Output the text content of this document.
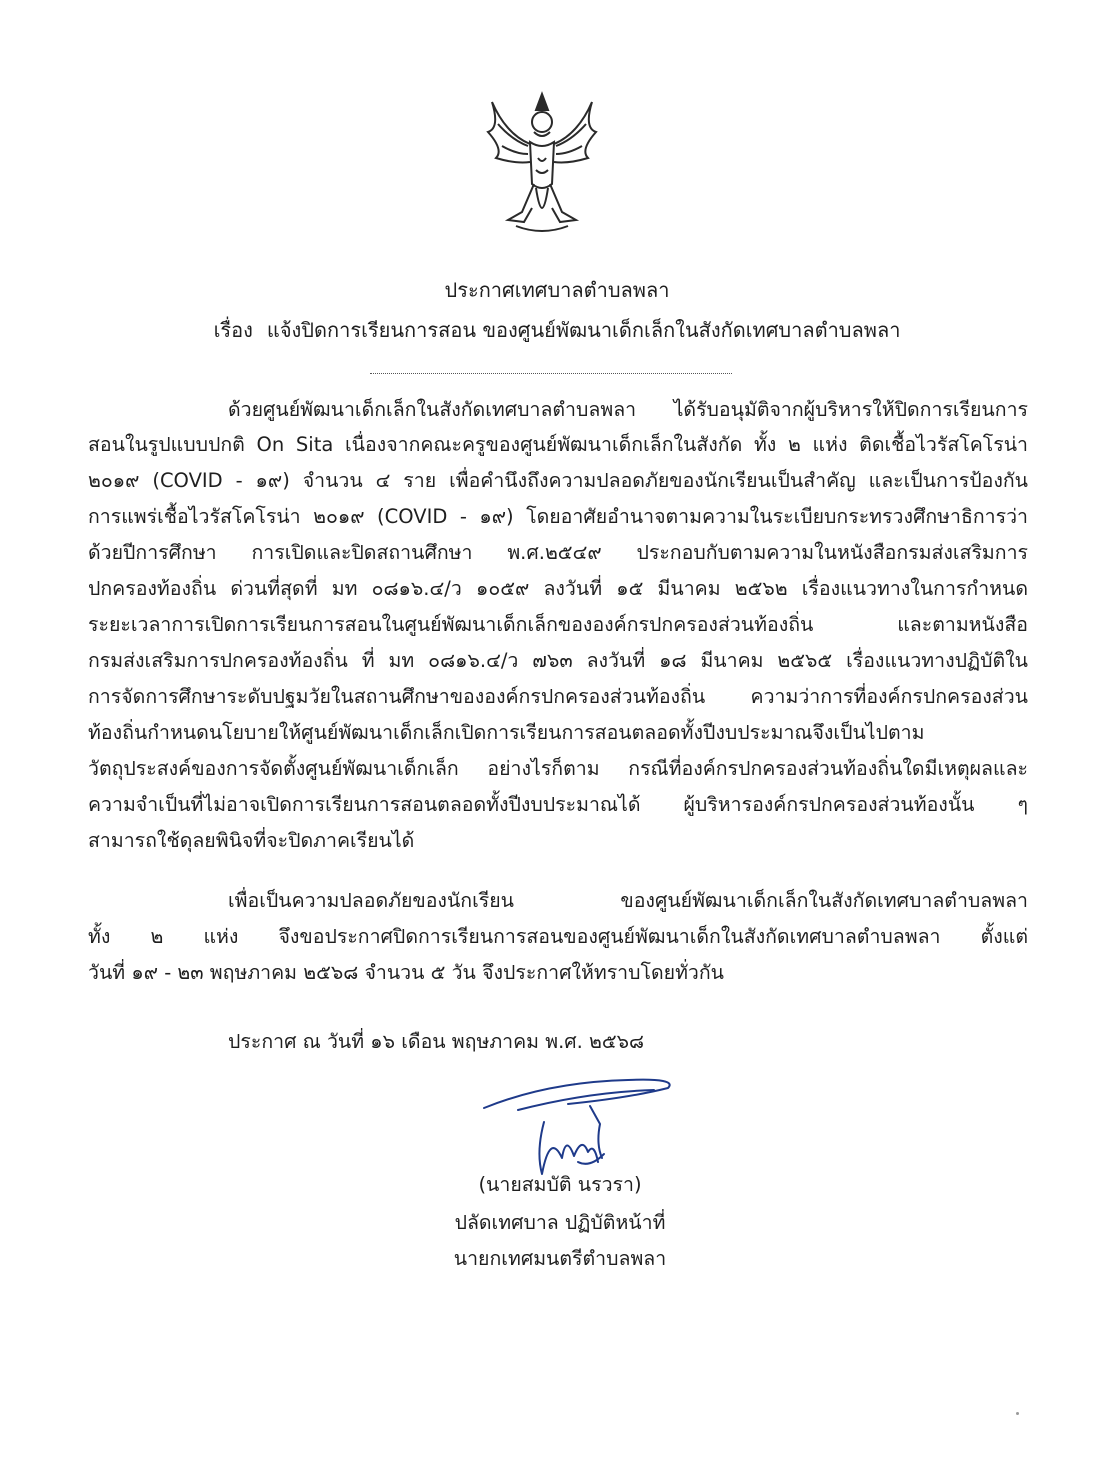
ประกาศเทศบาลตำบลพลา
เรื่อง แจ้งปิดการเรียนการสอน ของศูนย์พัฒนาเด็กเล็กในสังกัดเทศบาลตำบลพลา
ด้วยศูนย์พัฒนาเด็กเล็กในสังกัดเทศบาลตำบลพลา ได้รับอนุมัติจากผู้บริหารให้ปิดการเรียนการ
สอนในรูปแบบปกติ On Sita เนื่องจากคณะครูของศูนย์พัฒนาเด็กเล็กในสังกัด ทั้ง ๒ แห่ง ติดเชื้อไวรัสโคโรน่า
๒๐๑๙ (COVID - ๑๙) จำนวน ๔ ราย เพื่อคำนึงถึงความปลอดภัยของนักเรียนเป็นสำคัญ และเป็นการป้องกัน
การแพร่เชื้อไวรัสโคโรน่า ๒๐๑๙ (COVID - ๑๙) โดยอาศัยอำนาจตามความในระเบียบกระทรวงศึกษาธิการว่า
ด้วยปีการศึกษา การเปิดและปิดสถานศึกษา พ.ศ.๒๕๔๙ ประกอบกับตามความในหนังสือกรมส่งเสริมการ
ปกครองท้องถิ่น ด่วนที่สุดที่ มท ๐๘๑๖.๔/ว ๑๐๕๙ ลงวันที่ ๑๕ มีนาคม ๒๕๖๒ เรื่องแนวทางในการกำหนด
ระยะเวลาการเปิดการเรียนการสอนในศูนย์พัฒนาเด็กเล็กขององค์กรปกครองส่วนท้องถิ่น และตามหนังสือ
กรมส่งเสริมการปกครองท้องถิ่น ที่ มท ๐๘๑๖.๔/ว ๗๖๓ ลงวันที่ ๑๘ มีนาคม ๒๕๖๕ เรื่องแนวทางปฏิบัติใน
การจัดการศึกษาระดับปฐมวัยในสถานศึกษาขององค์กรปกครองส่วนท้องถิ่น ความว่าการที่องค์กรปกครองส่วน
ท้องถิ่นกำหนดนโยบายให้ศูนย์พัฒนาเด็กเล็กเปิดการเรียนการสอนตลอดทั้งปีงบประมาณจึงเป็นไปตาม
วัตถุประสงค์ของการจัดตั้งศูนย์พัฒนาเด็กเล็ก อย่างไรก็ตาม กรณีที่องค์กรปกครองส่วนท้องถิ่นใดมีเหตุผลและ
ความจำเป็นที่ไม่อาจเปิดการเรียนการสอนตลอดทั้งปีงบประมาณได้ ผู้บริหารองค์กรปกครองส่วนท้องนั้น ๆ
สามารถใช้ดุลยพินิจที่จะปิดภาคเรียนได้
เพื่อเป็นความปลอดภัยของนักเรียน ของศูนย์พัฒนาเด็กเล็กในสังกัดเทศบาลตำบลพลา
ทั้ง ๒ แห่ง จึงขอประกาศปิดการเรียนการสอนของศูนย์พัฒนาเด็กในสังกัดเทศบาลตำบลพลา ตั้งแต่
วันที่ ๑๙ - ๒๓ พฤษภาคม ๒๕๖๘ จำนวน ๕ วัน จึงประกาศให้ทราบโดยทั่วกัน
ประกาศ ณ วันที่ ๑๖ เดือน พฤษภาคม พ.ศ. ๒๕๖๘
(นายสมบัติ นรวรา)
ปลัดเทศบาล ปฏิบัติหน้าที่
นายกเทศมนตรีตำบลพลา
